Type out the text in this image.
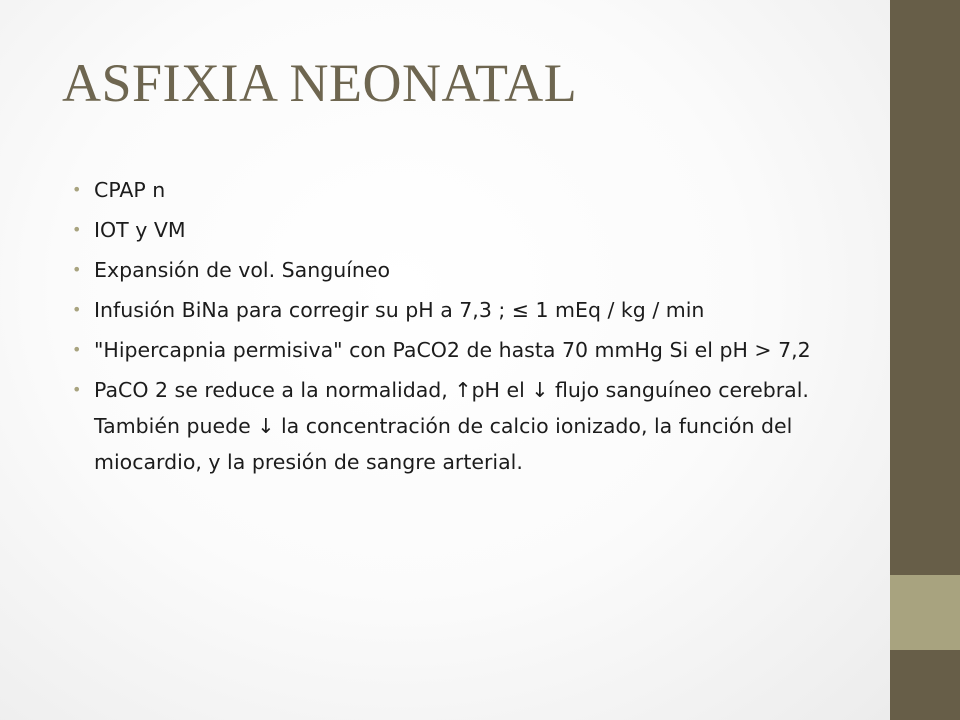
ASFIXIA NEONATAL
• CPAP n
• IOT y VM
• Expansión de vol. Sanguíneo
• Infusión BiNa para corregir su pH a 7,3 ; ≤ 1 mEq / kg / min
• "Hipercapnia permisiva" con PaCO2 de hasta 70 mmHg Si el pH > 7,2
• PaCO 2 se reduce a la normalidad, ↑pH el ↓ flujo sanguíneo cerebral. También puede ↓ la concentración de calcio ionizado, la función del miocardio, y la presión de sangre arterial.
